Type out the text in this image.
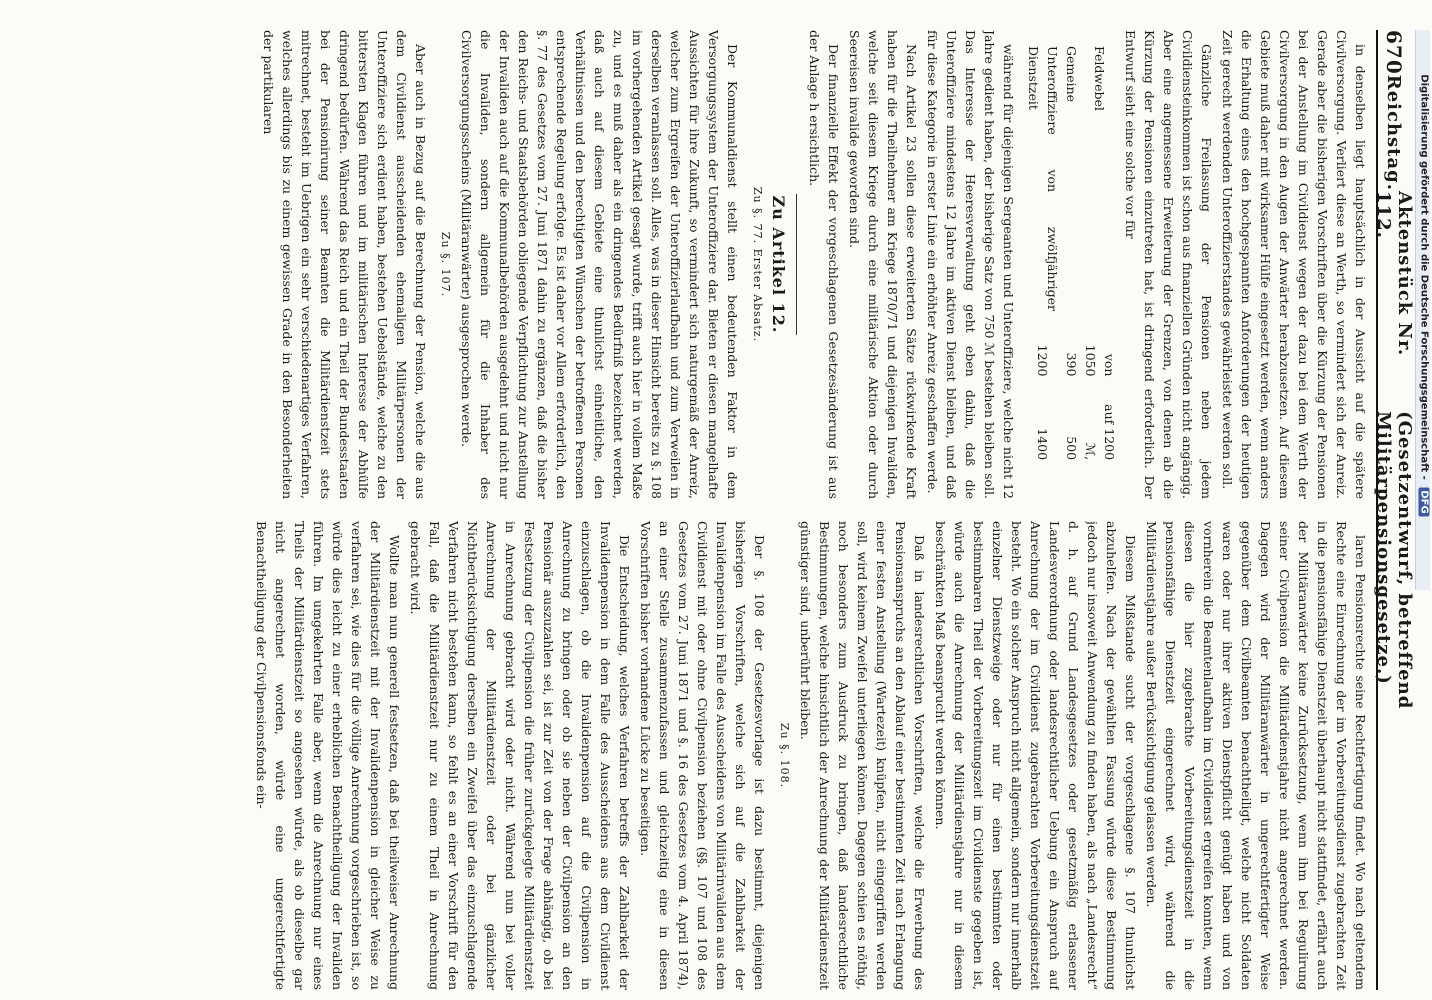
670
Reichstag.
Aktenstück Nr. 112.
(Gesetzentwurf, betreffend Militärpensionsgesetze.)

in denselben liegt hauptsächlich in der Aussicht auf die spätere Civilversorgung. Verliert diese an Werth, so vermindert sich der Anreiz. Gerade aber die bisherigen Vorschriften über die Kürzung der Pensionen bei der Anstellung im Civildienst wegen der dazu bei dem Werth der Civilversorgung in den Augen der Anwärter herabzusetzen. Auf diesem Gebiete muß daher mit wirksamer Hülfe eingesetzt werden, wenn anders die Erhaltung eines den hochgespannten Anforderungen der heutigen Zeit gerecht werdenden Unteroffizierstandes gewährleistet werden soll.

Gänzliche Freilassung der Pensionen neben jedem Civildiensteinkommen ist schon aus finanziellen Gründen nicht angängig. Aber eine angemessene Erweiterung der Grenzen, von denen ab die Kürzung der Pensionen einzutreten hat, ist dringend erforderlich. Der Entwurf sieht eine solche vor für

Feldwebel	von 1050	auf 1200 ℳ,
Gemeine	390	500
Unteroffiziere von zwölfjähriger Dienstzeit	1200	1400

während für diejenigen Sergeanten und Unteroffiziere, welche nicht 12 Jahre gedient haben, der bisherige Satz von 750 ℳ bestehen bleiben soll. Das Interesse der Heeresverwaltung geht eben dahin, daß die Unteroffiziere mindestens 12 Jahre im aktiven Dienst bleiben, und daß für diese Kategorie in erster Linie ein erhöhter Anreiz geschaffen werde.

Nach Artikel 23 sollen diese erweiterten Sätze rückwirkende Kraft haben für die Theilnehmer am Kriege 1870/71 und diejenigen Invaliden, welche seit diesem Kriege durch eine militärische Aktion oder durch Seereisen invalide geworden sind.

Der finanzielle Effekt der vorgeschlagenen Gesetzesänderung ist aus der Anlage h ersichtlich.

Zu Artikel 12.

Zu §. 77. Erster Absatz.

Der Kommunaldienst stellt einen bedeutenden Faktor in dem Versorgungssystem der Unteroffiziere dar. Bieten er diesen mangelhafte Aussichten für ihre Zukunft, so vermindert sich naturgemäß der Anreiz, welcher zum Ergreifen der Unteroffizierlaufbahn und zum Verweilen in derselben veranlassen soll. Alles, was in dieser Hinsicht bereits zu §. 108 im vorhergehenden Artikel gesagt wurde, trifft auch hier in vollem Maße zu, und es muß daher als ein dringendes Bedürfniß bezeichnet werden, daß auch auf diesem Gebiete eine thunlichst einheitliche, den Verhältnissen und den berechtigten Wünschen der betroffenen Personen entsprechende Regelung erfolge. Es ist daher vor Allem erforderlich, den §. 77 des Gesetzes vom 27. Juni 1871 dahin zu ergänzen, daß die bisher den Reichs- und Staatsbehörden obliegende Verpflichtung zur Anstellung der Invaliden auch auf die Kommunalbehörden ausgedehnt und nicht nur die Invaliden, sondern allgemein für die Inhaber des Civilversorgungsscheins (Militäranwärter) ausgesprochen werde.

Zu §. 107.

Aber auch in Bezug auf die Berechnung der Pension, welche die aus dem Civildienst ausscheidenden ehemaligen Militärpersonen der Unteroffiziere sich erdient haben, bestehen Uebelstände, welche zu den bittersten Klagen führen und im militärischen Interesse der Abhülfe dringend bedürfen. Während das Reich und ein Theil der Bundesstaaten bei der Pensionirung seiner Beamten die Militärdienstzeit stets mitrechnet, besteht im Uebrigen ein sehr verschiedenartiges Verfahren, welches allerdings bis zu einem gewissen Grade in den Besonderheiten der partikularen

laren Pensionsrechte seine Rechtfertigung findet. Wo nach geltendem Rechte eine Einrechnung der im Vorbereitungsdienst zugebrachten Zeit in die pensionsfähige Dienstzeit überhaupt nicht stattfindet, erfährt auch der Militäranwärter keine Zurücksetzung, wenn ihm bei Regulirung seiner Civilpension die Militärdienstjahre nicht angerechnet werden. Dagegen wird der Militäranwärter in ungerechtfertigter Weise gegenüber dem Civilbeamten benachtheiligt, welche nicht Soldaten waren oder nur ihrer aktiven Dienstpflicht genügt haben und von vornherein die Beamtenlaufbahn im Civildienst ergreifen konnten, wenn diesen die hier zugebrachte Vorbereitungsdienstzeit in die pensionsfähige Dienstzeit eingerechnet wird, während die Militärdienstjahre außer Berücksichtigung gelassen werden.

Diesem Mißstande sucht der vorgeschlagene §. 107 thunlichst abzuhelfen. Nach der gewählten Fassung würde diese Bestimmung jedoch nur insoweit Anwendung zu finden haben, als nach „Landesrecht“ d. h. auf Grund Landesgesetzes oder gesetzmäßig erlassener Landesverordnung oder landesrechtlicher Uebung ein Anspruch auf Anrechnung der im Civildienst zugebrachten Vorbereitungsdienstzeit besteht. Wo ein solcher Anspruch nicht allgemein, sondern nur innerhalb einzelner Dienstzweige oder nur für einen bestimmten oder bestimmbaren Theil der Vorbereitungszeit im Civildienste gegeben ist, würde auch die Anrechnung der Militärdienstjahre nur in diesem beschränkten Maß beansprucht werden können.

Daß in landesrechtlichen Vorschriften, welche die Erwerbung des Pensionsanspruchs an den Ablauf einer bestimmten Zeit nach Erlangung einer festen Anstellung (Wartezeit) knüpfen, nicht eingegriffen werden soll, wird keinem Zweifel unterliegen können. Dagegen schien es nöthig, noch besonders zum Ausdruck zu bringen, daß landesrechtliche Bestimmungen, welche hinsichtlich der Anrechnung der Militärdienstzeit günstiger sind, unberührt bleiben.

Zu §. 108.

Der §. 108 der Gesetzesvorlage ist dazu bestimmt, diejenigen bisherigen Vorschriften, welche sich auf die Zahlbarkeit der Invalidenpension im Falle des Ausscheidens von Militärinvaliden aus dem Civildienst mit oder ohne Civilpension beziehen (§§. 107 und 108 des Gesetzes vom 27. Juni 1871 und §. 16 des Gesetzes vom 4. April 1874), an einer Stelle zusammenzufassen und gleichzeitig eine in diesen Vorschriften bisher vorhandene Lücke zu beseitigen.

Die Entscheidung, welches Verfahren betreffs der Zahlbarkeit der Invalidenpension in dem Falle des Ausscheidens aus dem Civildienst einzuschlagen, ob die Invalidenpension auf die Civilpension in Anrechnung zu bringen oder ob sie neben der Civilpension an den Pensionär auszuzahlen sei, ist zur Zeit von der Frage abhängig, ob bei Festsetzung der Civilpension die früher zurückgelegte Militärdienstzeit in Anrechnung gebracht wird oder nicht. Während nun bei voller Anrechnung der Militärdienstzeit oder bei gänzlicher Nichtberücksichtigung derselben ein Zweifel über das einzuschlagende Verfahren nicht bestehen kann, so fehlt es an einer Vorschrift für den Fall, daß die Militärdienstzeit nur zu einem Theil in Anrechnung gebracht wird.

Wollte man nun generell festsetzen, daß bei theilweiser Anrechnung der Militärdienstzeit mit der Invalidenpension in gleicher Weise zu verfahren sei, wie dies für die völlige Anrechnung vorgeschrieben ist, so würde dies leicht zu einer erheblichen Benachtheiligung der Invaliden führen. Im umgekehrten Falle aber, wenn die Anrechnung nur eines Theils der Militärdienstzeit so angesehen würde, als ob dieselbe gar nicht angerechnet worden, würde eine ungerechtfertigte Benachtheiligung der Civilpensionsfonds ein-

Digitalisierung gefördert durch die Deutsche Forschungsgemeinschaft - DFG
